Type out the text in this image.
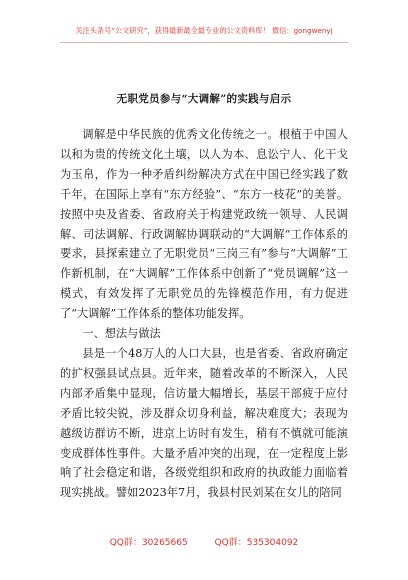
关注头条号“公文研究”，获得最新最全最专业的公文资料库！ 微信：gongwenyj
无职党员参与“大调解”的实践与启示

调解是中华民族的优秀文化传统之一。根植于中国人以和为贵的传统文化土壤，以人为本、息讼宁人、化干戈为玉帛，作为一种矛盾纠纷解决方式在中国已经实践了数千年，在国际上享有“东方经验”、“东方一枝花”的美誉。按照中央及省委、省政府关于构建党政统一领导、人民调解、司法调解、行政调解协调联动的“大调解”工作体系的要求，县探索建立了无职党员“三岗三有”参与“大调解”工作新机制，在“大调解”工作体系中创新了“党员调解”这一模式，有效发挥了无职党员的先锋模范作用，有力促进了“大调解”工作体系的整体功能发挥。

一、想法与做法

县是一个48万人的人口大县，也是省委、省政府确定的扩权强县试点县。近年来，随着改革的不断深入，人民内部矛盾集中显现，信访量大幅增长，基层干部疲于应付矛盾比较尖锐，涉及群众切身利益，解决难度大；表现为越级访群访不断，进京上访时有发生，稍有不慎就可能演变成群体性事件。大量矛盾冲突的出现，在一定程度上影响了社会稳定和谐，各级党组织和政府的执政能力面临着现实挑战。譬如2023年7月，我县村民刘某在女儿的陪同

QQ群：30265665	QQ群：535304092
